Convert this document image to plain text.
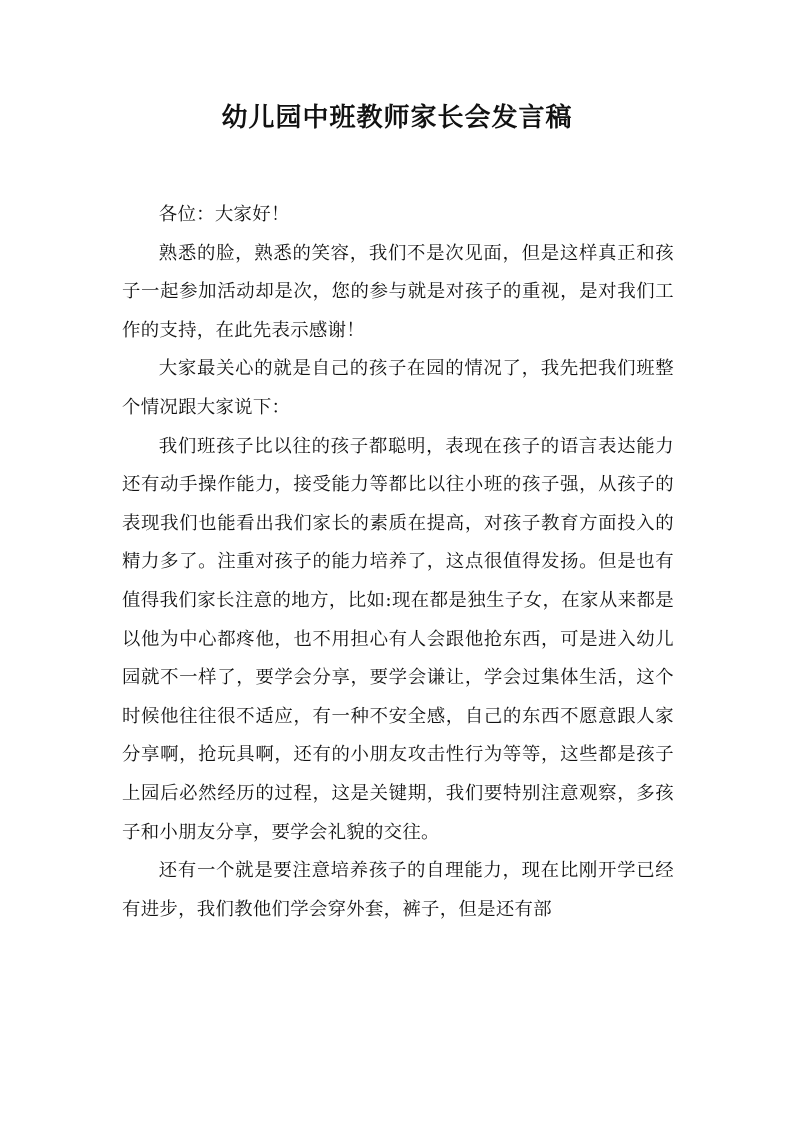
幼儿园中班教师家长会发言稿

各位：大家好！

熟悉的脸，熟悉的笑容，我们不是次见面，但是这样真正和孩子一起参加活动却是次，您的参与就是对孩子的重视，是对我们工作的支持，在此先表示感谢！

大家最关心的就是自己的孩子在园的情况了，我先把我们班整个情况跟大家说下：

我们班孩子比以往的孩子都聪明，表现在孩子的语言表达能力还有动手操作能力，接受能力等都比以往小班的孩子强，从孩子的表现我们也能看出我们家长的素质在提高，对孩子教育方面投入的精力多了。注重对孩子的能力培养了，这点很值得发扬。但是也有值得我们家长注意的地方，比如:现在都是独生子女，在家从来都是以他为中心都疼他，也不用担心有人会跟他抢东西，可是进入幼儿园就不一样了，要学会分享，要学会谦让，学会过集体生活，这个时候他往往很不适应，有一种不安全感，自己的东西不愿意跟人家分享啊，抢玩具啊，还有的小朋友攻击性行为等等，这些都是孩子上园后必然经历的过程，这是关键期，我们要特别注意观察，多孩子和小朋友分享，要学会礼貌的交往。

还有一个就是要注意培养孩子的自理能力，现在比刚开学已经有进步，我们教他们学会穿外套，裤子，但是还有部
